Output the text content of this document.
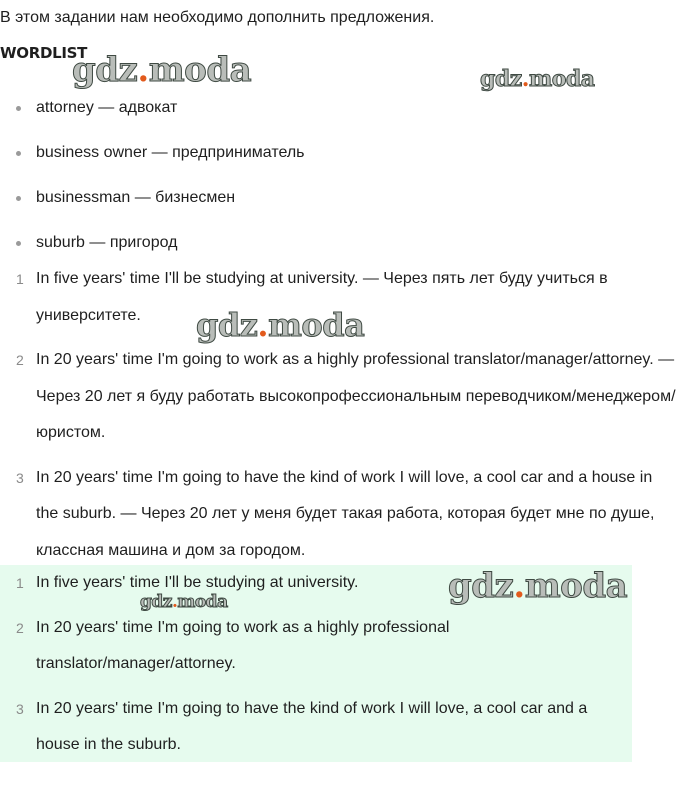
В этом задании нам необходимо дополнить предложения.
WORDLIST
attorney — адвокат
business owner — предприниматель
businessman — бизнесмен
suburb — пригород
1 In five years' time I'll be studying at university. — Через пять лет буду учиться в университете.
2 In 20 years' time I'm going to work as a highly professional translator/manager/attorney. — Через 20 лет я буду работать высокопрофессиональным переводчиком/менеджером/юристом.
3 In 20 years' time I'm going to have the kind of work I will love, a cool car and a house in the suburb. — Через 20 лет у меня будет такая работа, которая будет мне по душе, классная машина и дом за городом.
1 In five years' time I'll be studying at university.
2 In 20 years' time I'm going to work as a highly professional translator/manager/attorney.
3 In 20 years' time I'm going to have the kind of work I will love, a cool car and a house in the suburb.
gdz.moda	gdz.moda
gdz.moda
gdz.moda
gdz.moda
